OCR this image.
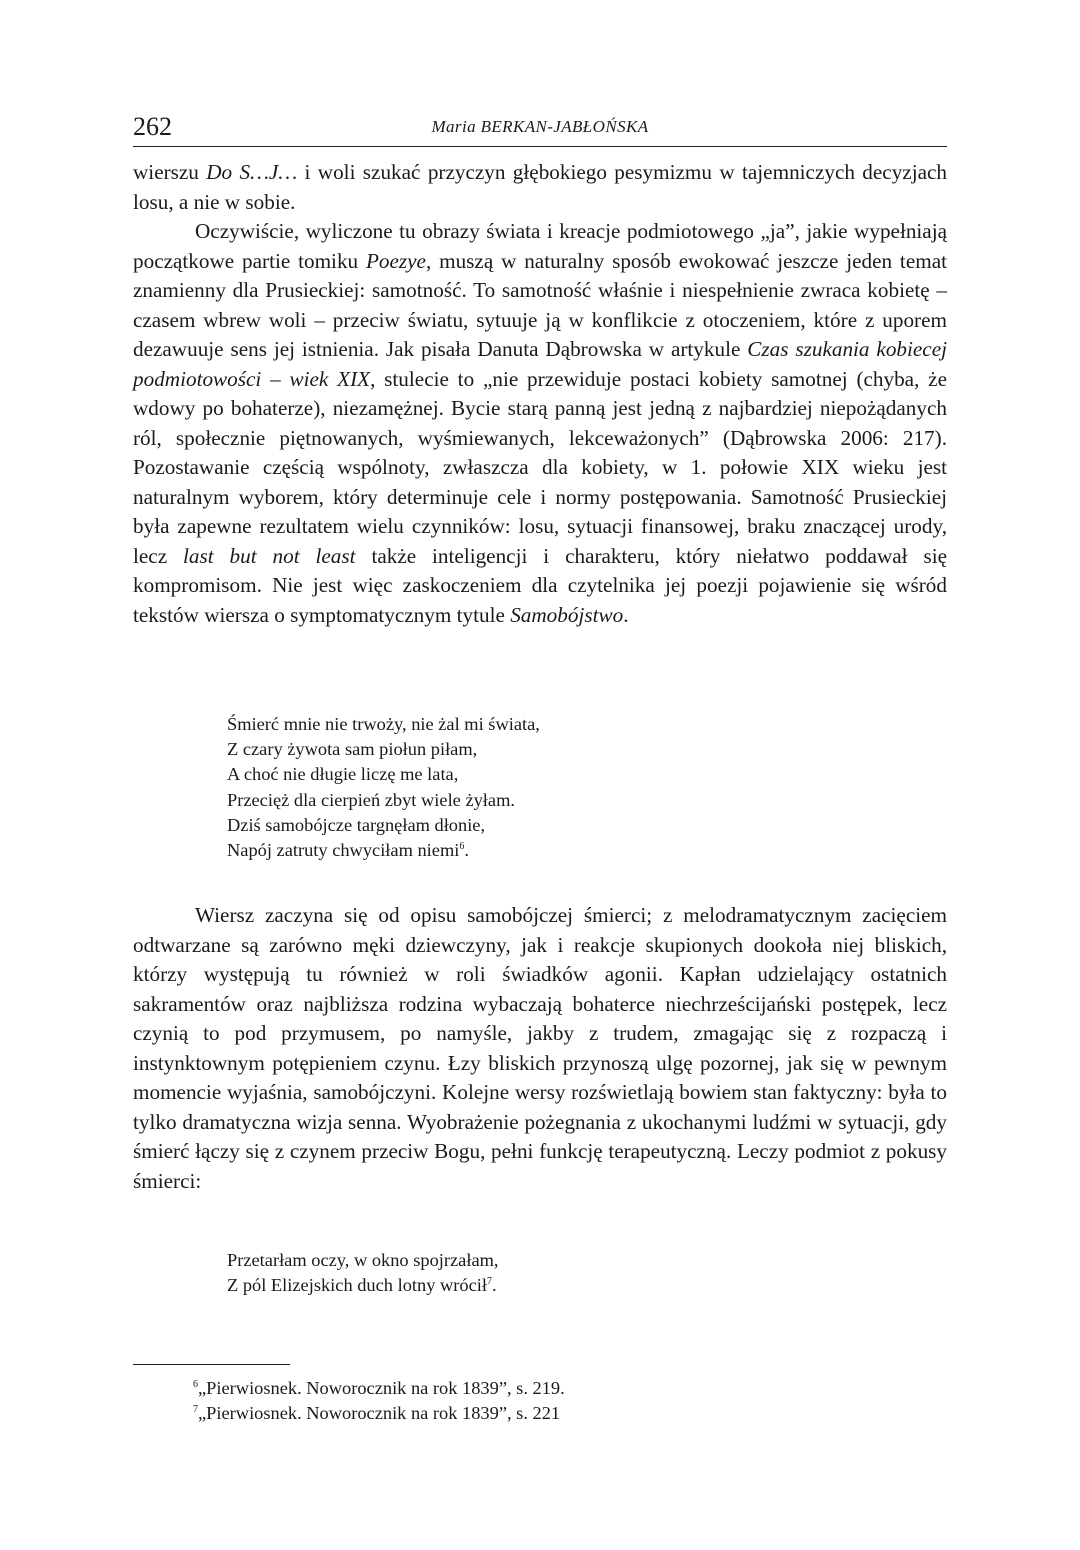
262	Maria BERKAN-JABŁOŃSKA

wierszu Do S…J… i woli szukać przyczyn głębokiego pesymizmu w tajemniczych decyzjach losu, a nie w sobie.

Oczywiście, wyliczone tu obrazy świata i kreacje podmiotowego „ja”, jakie wypełniają początkowe partie tomiku Poezye, muszą w naturalny sposób ewokować jeszcze jeden temat znamienny dla Prusieckiej: samotność. To samotność właśnie i niespełnienie zwraca kobietę – czasem wbrew woli – przeciw światu, sytuuje ją w konflikcie z otoczeniem, które z uporem dezawuuje sens jej istnienia. Jak pisała Danuta Dąbrowska w artykule Czas szukania kobiecej podmiotowości – wiek XIX, stulecie to „nie przewiduje postaci kobiety samotnej (chyba, że wdowy po bohaterze), niezamężnej. Bycie starą panną jest jedną z najbardziej niepożądanych ról, społecznie piętnowanych, wyśmiewanych, lekceważonych” (Dąbrowska 2006: 217). Pozostawanie częścią wspólnoty, zwłaszcza dla kobiety, w 1. połowie XIX wieku jest naturalnym wyborem, który determinuje cele i normy postępowania. Samotność Prusieckiej była zapewne rezultatem wielu czynników: losu, sytuacji finansowej, braku znaczącej urody, lecz last but not least także inteligencji i charakteru, który niełatwo poddawał się kompromisom. Nie jest więc zaskoczeniem dla czytelnika jej poezji pojawienie się wśród tekstów wiersza o symptomatycznym tytule Samobójstwo.

Śmierć mnie nie trwoży, nie żal mi świata,
Z czary żywota sam piołun piłam,
A choć nie długie liczę me lata,
Przecięż dla cierpień zbyt wiele żyłam.
Dziś samobójcze targnęłam dłonie,
Napój zatruty chwyciłam niemi$^6$.

Wiersz zaczyna się od opisu samobójczej śmierci; z melodramatycznym zacięciem odtwarzane są zarówno męki dziewczyny, jak i reakcje skupionych dookoła niej bliskich, którzy występują tu również w roli świadków agonii. Kapłan udzielający ostatnich sakramentów oraz najbliższa rodzina wybaczają bohaterce niechrześcijański postępek, lecz czynią to pod przymusem, po namyśle, jakby z trudem, zmagając się z rozpaczą i instynktownym potępieniem czynu. Łzy bliskich przynoszą ulgę pozornej, jak się w pewnym momencie wyjaśnia, samobójczyni. Kolejne wersy rozświetlają bowiem stan faktyczny: była to tylko dramatyczna wizja senna. Wyobrażenie pożegnania z ukochanymi ludźmi w sytuacji, gdy śmierć łączy się z czynem przeciw Bogu, pełni funkcję terapeutyczną. Leczy podmiot z pokusy śmierci:

Przetarłam oczy, w okno spojrzałam,
Z pól Elizejskich duch lotny wrócił$^7$.
$^6$„Pierwiosnek. Noworocznik na rok 1839”, s. 219.
$^7$„Pierwiosnek. Noworocznik na rok 1839”, s. 221
